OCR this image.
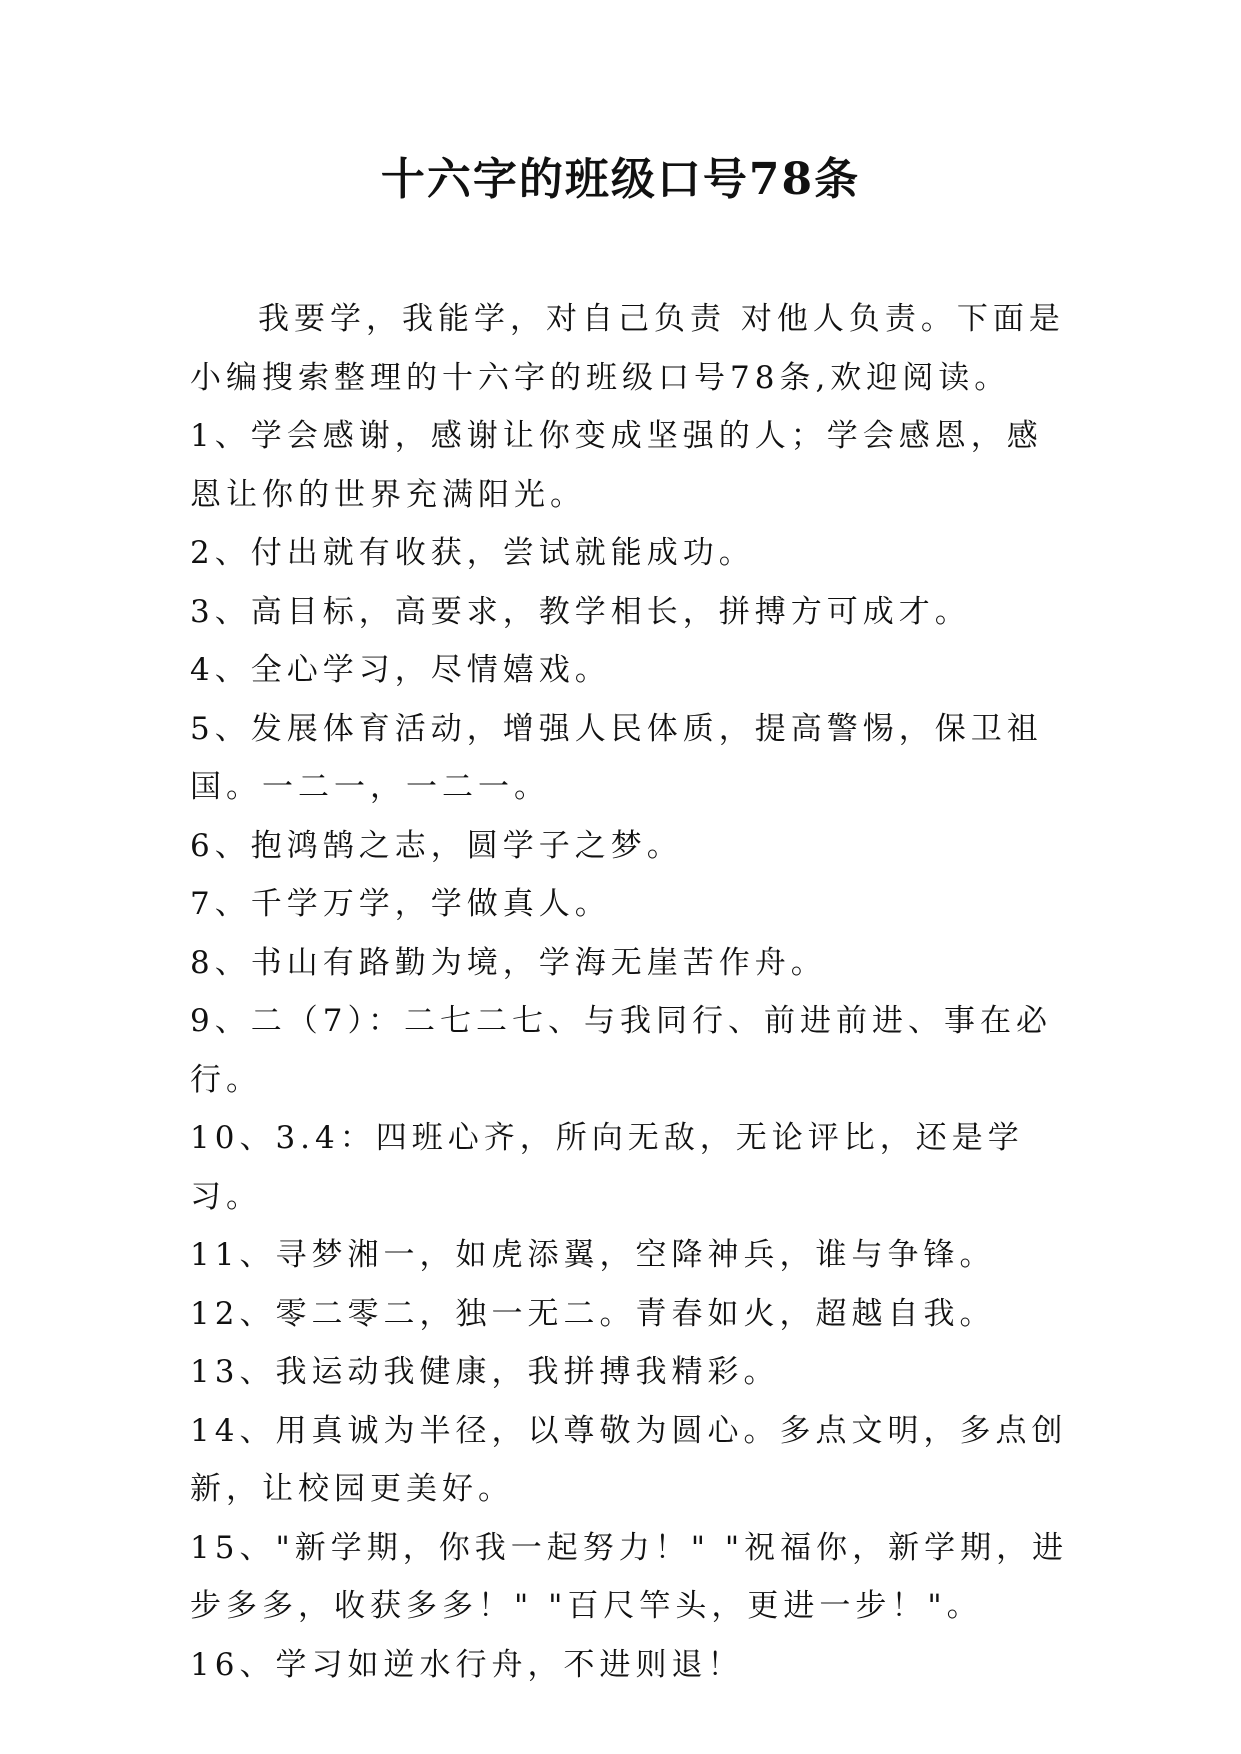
十六字的班级口号78条

我要学，我能学，对自己负责 对他人负责。下面是小编搜索整理的十六字的班级口号78条,欢迎阅读。

1、学会感谢，感谢让你变成坚强的人；学会感恩，感恩让你的世界充满阳光。

2、付出就有收获，尝试就能成功。

3、高目标，高要求，教学相长，拼搏方可成才。

4、全心学习，尽情嬉戏。

5、发展体育活动，增强人民体质，提高警惕，保卫祖国。一二一，一二一。

6、抱鸿鹄之志，圆学子之梦。

7、千学万学，学做真人。

8、书山有路勤为境，学海无崖苦作舟。

9、二（7）：二七二七、与我同行、前进前进、事在必行。

10、3.4：四班心齐，所向无敌，无论评比，还是学习。

11、寻梦湘一，如虎添翼，空降神兵，谁与争锋。

12、零二零二，独一无二。青春如火，超越自我。

13、我运动我健康，我拼搏我精彩。

14、用真诚为半径，以尊敬为圆心。多点文明，多点创新，让校园更美好。

15、"新学期，你我一起努力！" "祝福你，新学期，进步多多，收获多多！" "百尺竿头，更进一步！"。

16、学习如逆水行舟，不进则退！
